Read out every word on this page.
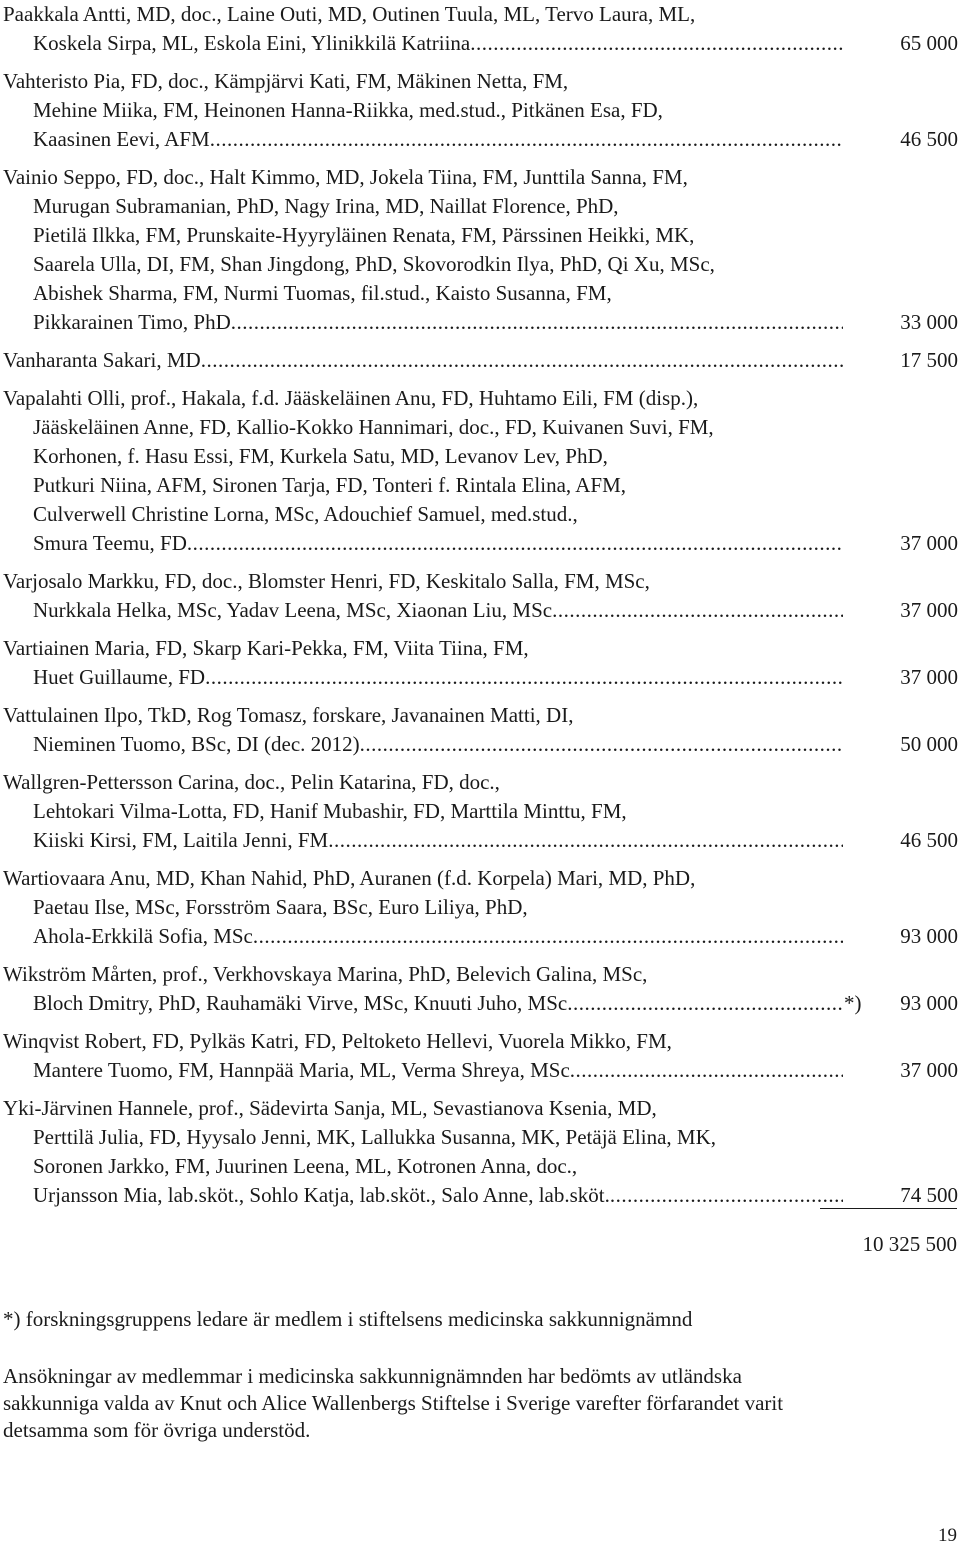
Paakkala Antti, MD, doc., Laine Outi, MD, Outinen Tuula, ML, Tervo Laura, ML,
Koskela Sirpa, ML, Eskola Eini, Ylinikkilä Katriina .....	65 000
Vahteristo Pia, FD, doc., Kämpjärvi Kati, FM, Mäkinen Netta, FM,
Mehine Miika, FM, Heinonen Hanna-Riikka, med.stud., Pitkänen Esa, FD,
Kaasinen Eevi, AFM .....	46 500
Vainio Seppo, FD, doc., Halt Kimmo, MD, Jokela Tiina, FM, Junttila Sanna, FM,
Murugan Subramanian, PhD, Nagy Irina, MD, Naillat Florence, PhD,
Pietilä Ilkka, FM, Prunskaite-Hyyryläinen Renata, FM, Pärssinen Heikki, MK,
Saarela Ulla, DI, FM, Shan Jingdong, PhD, Skovorodkin Ilya, PhD, Qi Xu, MSc,
Abishek Sharma, FM, Nurmi Tuomas, fil.stud., Kaisto Susanna, FM,
Pikkarainen Timo, PhD .....	33 000
Vanharanta Sakari, MD .....	17 500
Vapalahti Olli, prof., Hakala, f.d. Jääskeläinen Anu, FD, Huhtamo Eili, FM (disp.),
Jääskeläinen Anne, FD, Kallio-Kokko Hannimari, doc., FD, Kuivanen Suvi, FM,
Korhonen, f. Hasu Essi, FM, Kurkela Satu, MD, Levanov Lev, PhD,
Putkuri Niina, AFM, Sironen Tarja, FD, Tonteri f. Rintala Elina, AFM,
Culverwell Christine Lorna, MSc, Adouchief Samuel, med.stud.,
Smura Teemu, FD .....	37 000
Varjosalo Markku, FD, doc., Blomster Henri, FD, Keskitalo Salla, FM, MSc,
Nurkkala Helka, MSc, Yadav Leena, MSc, Xiaonan Liu, MSc .....	37 000
Vartiainen Maria, FD, Skarp Kari-Pekka, FM, Viita Tiina, FM,
Huet Guillaume, FD .....	37 000
Vattulainen Ilpo, TkD, Rog Tomasz, forskare, Javanainen Matti, DI,
Nieminen Tuomo, BSc, DI (dec. 2012) .....	50 000
Wallgren-Pettersson Carina, doc., Pelin Katarina, FD, doc.,
Lehtokari Vilma-Lotta, FD, Hanif Mubashir, FD, Marttila Minttu, FM,
Kiiski Kirsi, FM, Laitila Jenni, FM .....	46 500
Wartiovaara Anu, MD, Khan Nahid, PhD, Auranen (f.d. Korpela) Mari, MD, PhD,
Paetau Ilse, MSc, Forsström Saara, BSc, Euro Liliya, PhD,
Ahola-Erkkilä Sofia, MSc .....	93 000
Wikström Mårten, prof., Verkhovskaya Marina, PhD, Belevich Galina, MSc,
Bloch Dmitry, PhD, Rauhamäki Virve, MSc, Knuuti Juho, MSc .....	*)	93 000
Winqvist Robert, FD, Pylkäs Katri, FD, Peltoketo Hellevi, Vuorela Mikko, FM,
Mantere Tuomo, FM, Hannpää Maria, ML, Verma Shreya, MSc .....	37 000
Yki-Järvinen Hannele, prof., Sädevirta Sanja, ML, Sevastianova Ksenia, MD,
Perttilä Julia, FD, Hyysalo Jenni, MK, Lallukka Susanna, MK, Petäjä Elina, MK,
Soronen Jarkko, FM, Juurinen Leena, ML, Kotronen Anna, doc.,
Urjansson Mia, lab.sköt., Sohlo Katja, lab.sköt., Salo Anne, lab.sköt. .....	74 500
10 325 500
*) forskningsgruppens ledare är medlem i stiftelsens medicinska sakkunnignämnd
Ansökningar av medlemmar i medicinska sakkunnignämnden har bedömts av utländska
sakkunniga valda av Knut och Alice Wallenbergs Stiftelse i Sverige varefter förfarandet varit
detsamma som för övriga understöd.
19
